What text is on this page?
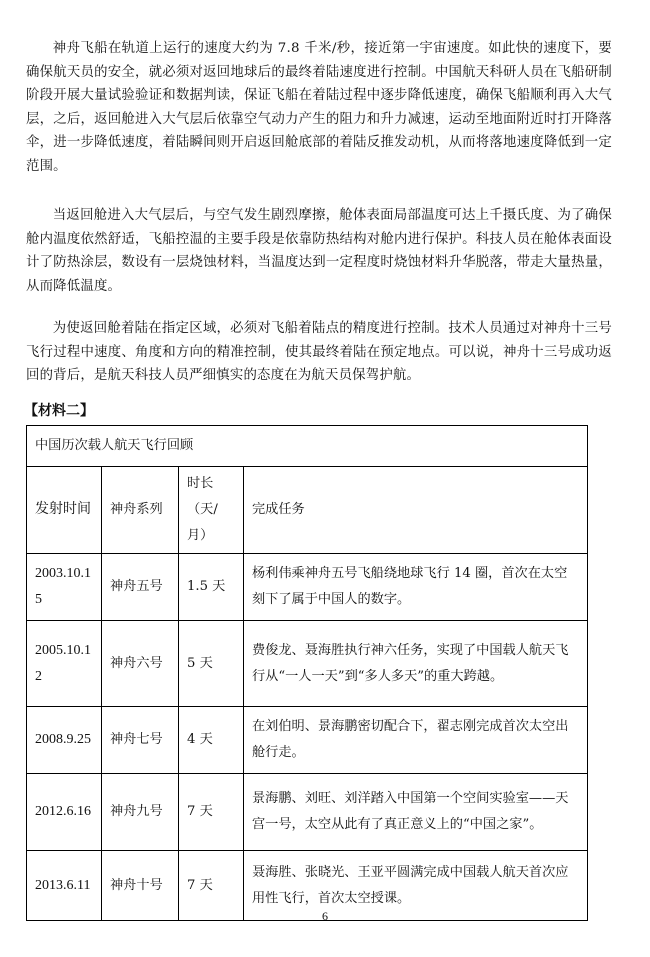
神舟飞船在轨道上运行的速度大约为 7.8 千米/秒，接近第一宇宙速度。如此快的速度下，要确保航天员的安全，就必须对返回地球后的最终着陆速度进行控制。中国航天科研人员在飞船研制阶段开展大量试验验证和数据判读，保证飞船在着陆过程中逐步降低速度，确保飞船顺利再入大气层，之后，返回舱进入大气层后依靠空气动力产生的阻力和升力减速，运动至地面附近时打开降落伞，进一步降低速度，着陆瞬间则开启返回舱底部的着陆反推发动机，从而将落地速度降低到一定范围。

当返回舱进入大气层后，与空气发生剧烈摩擦，舱体表面局部温度可达上千摄氏度、为了确保舱内温度依然舒适，飞船控温的主要手段是依靠防热结构对舱内进行保护。科技人员在舱体表面设计了防热涂层，数设有一层烧蚀材料，当温度达到一定程度时烧蚀材料升华脱落，带走大量热量，从而降低温度。

为使返回舱着陆在指定区域，必须对飞船着陆点的精度进行控制。技术人员通过对神舟十三号飞行过程中速度、角度和方向的精准控制，使其最终着陆在预定地点。可以说，神舟十三号成功返回的背后，是航天科技人员严细慎实的态度在为航天员保驾护航。

【材料二】
中国历次载人航天飞行回顾			
发射时间	神舟系列	时长（天/月）	完成任务
2003.10.15	神舟五号	1.5 天	杨利伟乘神舟五号飞船绕地球飞行 14 圈，首次在太空刻下了属于中国人的数字。
2005.10.12	神舟六号	5 天	费俊龙、聂海胜执行神六任务，实现了中国载人航天飞行从“一人一天”到“多人多天”的重大跨越。
2008.9.25	神舟七号	4 天	在刘伯明、景海鹏密切配合下，翟志刚完成首次太空出舱行走。
2012.6.16	神舟九号	7 天	景海鹏、刘旺、刘洋踏入中国第一个空间实验室——天宫一号，太空从此有了真正意义上的“中国之家”。
2013.6.11	神舟十号	7 天	聂海胜、张晓光、王亚平圆满完成中国载人航天首次应用性飞行，首次太空授课。
6
